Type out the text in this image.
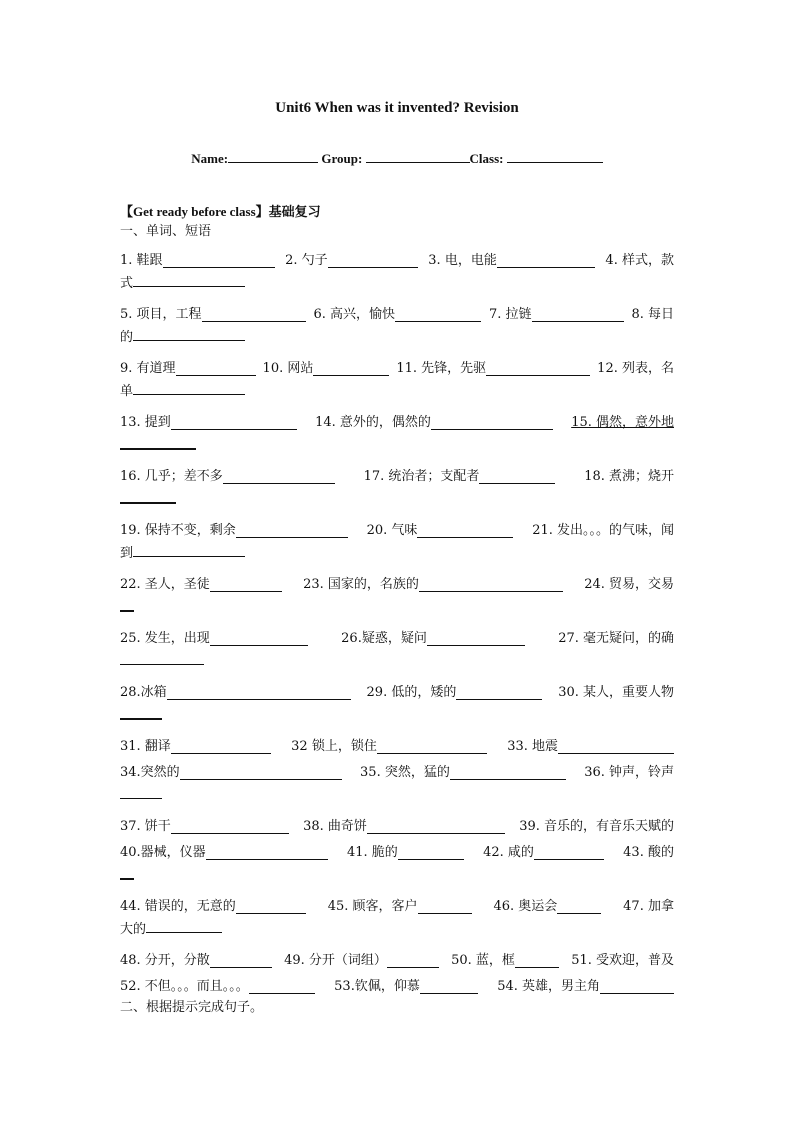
Unit6 When was it invented? Revision
Name:	Group:	Class:
【Get ready before class】基础复习
一、单词、短语
1. 鞋跟	2. 勺子	3. 电，电能	4. 样式，款
式
5. 项目，工程	6. 高兴，愉快	7. 拉链	8. 每日
的
9. 有道理	10. 网站	11. 先锋，先驱	12. 列表，名
单
13. 提到	14. 意外的，偶然的	15. 偶然，意外地
16. 几乎；差不多	17. 统治者；支配者	18. 煮沸；烧开
19. 保持不变，剩余	20. 气味	21. 发出。。。的气味，闻
到
22. 圣人，圣徒	23. 国家的，名族的	24. 贸易，交易
25. 发生，出现	26.疑惑，疑问	27. 毫无疑问，的确
28.冰箱	29. 低的，矮的	30. 某人，重要人物
31. 翻译	32 锁上，锁住	33. 地震
34.突然的	35. 突然，猛的	36. 钟声，铃声
37. 饼干	38. 曲奇饼	39. 音乐的，有音乐天赋的
40.器械，仪器	41. 脆的	42. 咸的	43. 酸的
44. 错误的，无意的	45. 顾客，客户	46. 奥运会	47. 加拿
大的
48. 分开，分散	49. 分开（词组）	50. 蓝，框	51. 受欢迎，普及
52. 不但。。。而且。。。	53.钦佩，仰慕	54. 英雄，男主角
二、根据提示完成句子。
